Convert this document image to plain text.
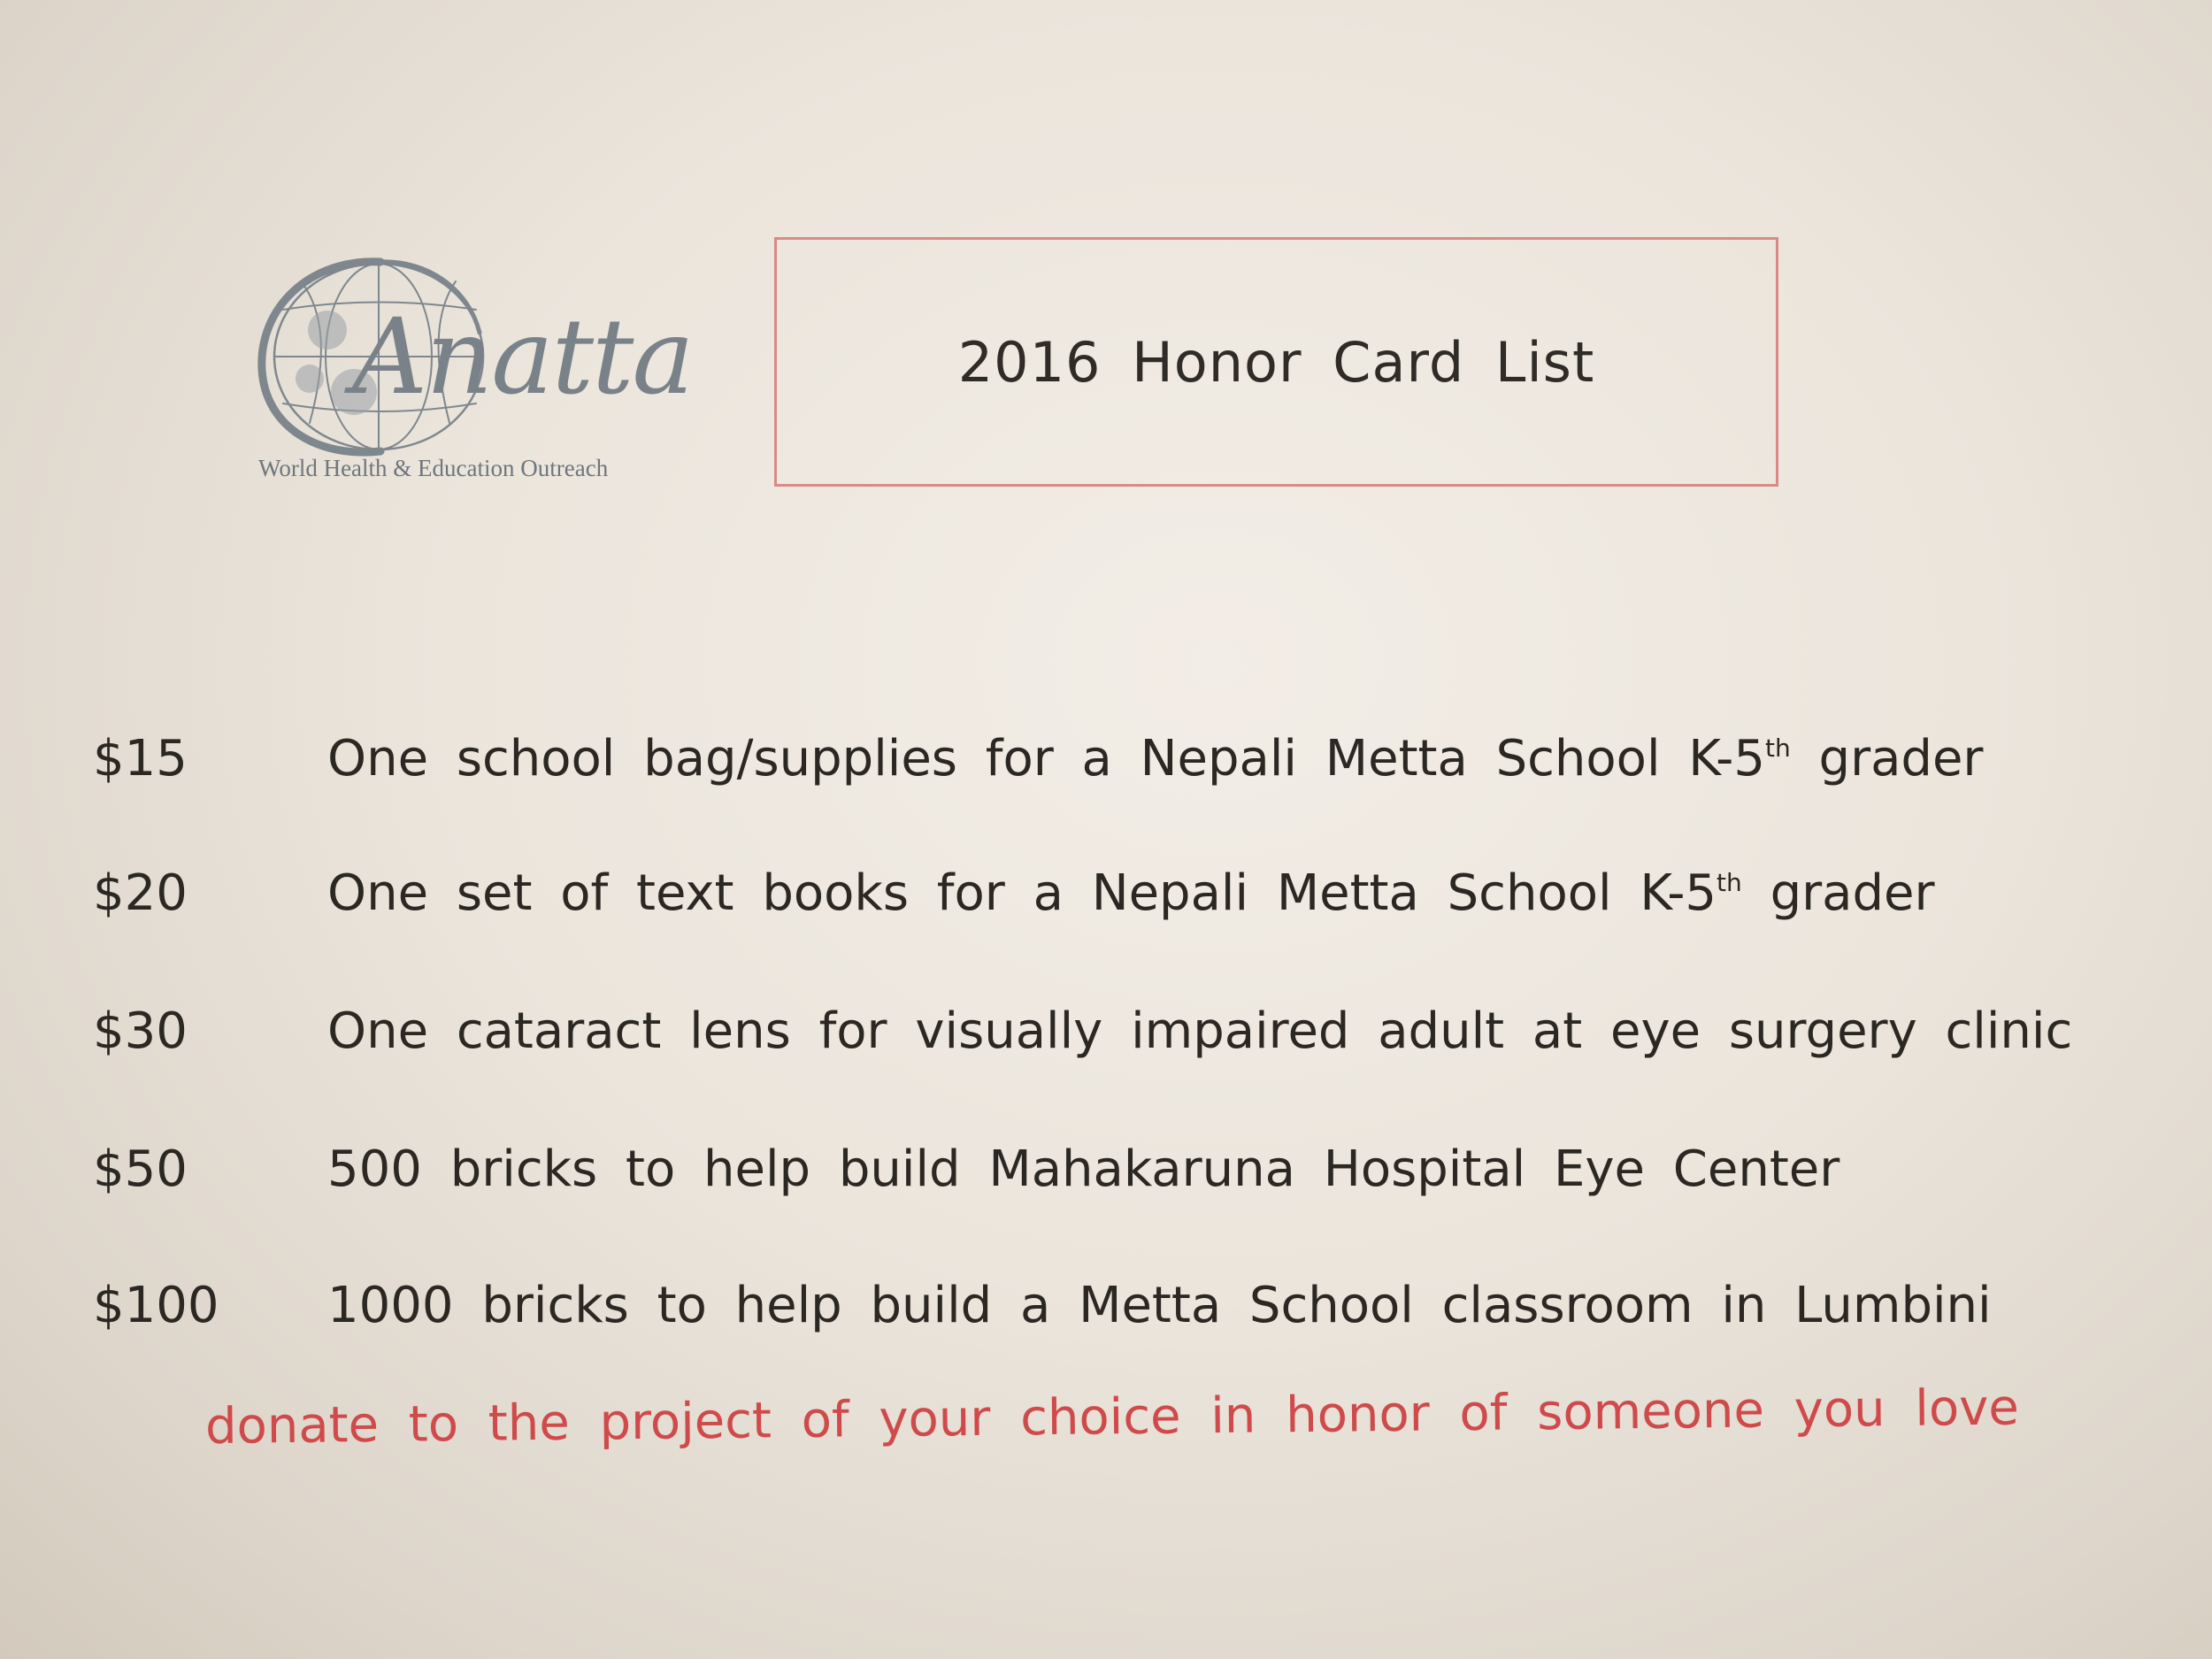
Anatta
World Health & Education Outreach
2016 Honor Card List
$15	One school bag/supplies for a Nepali Metta School K-5th grader
$20	One set of text books for a Nepali Metta School K-5th grader
$30	One cataract lens for visually impaired adult at eye surgery clinic
$50	500 bricks to help build Mahakaruna Hospital Eye Center
$100	1000 bricks to help build a Metta School classroom in Lumbini
donate to the project of your choice in honor of someone you love
